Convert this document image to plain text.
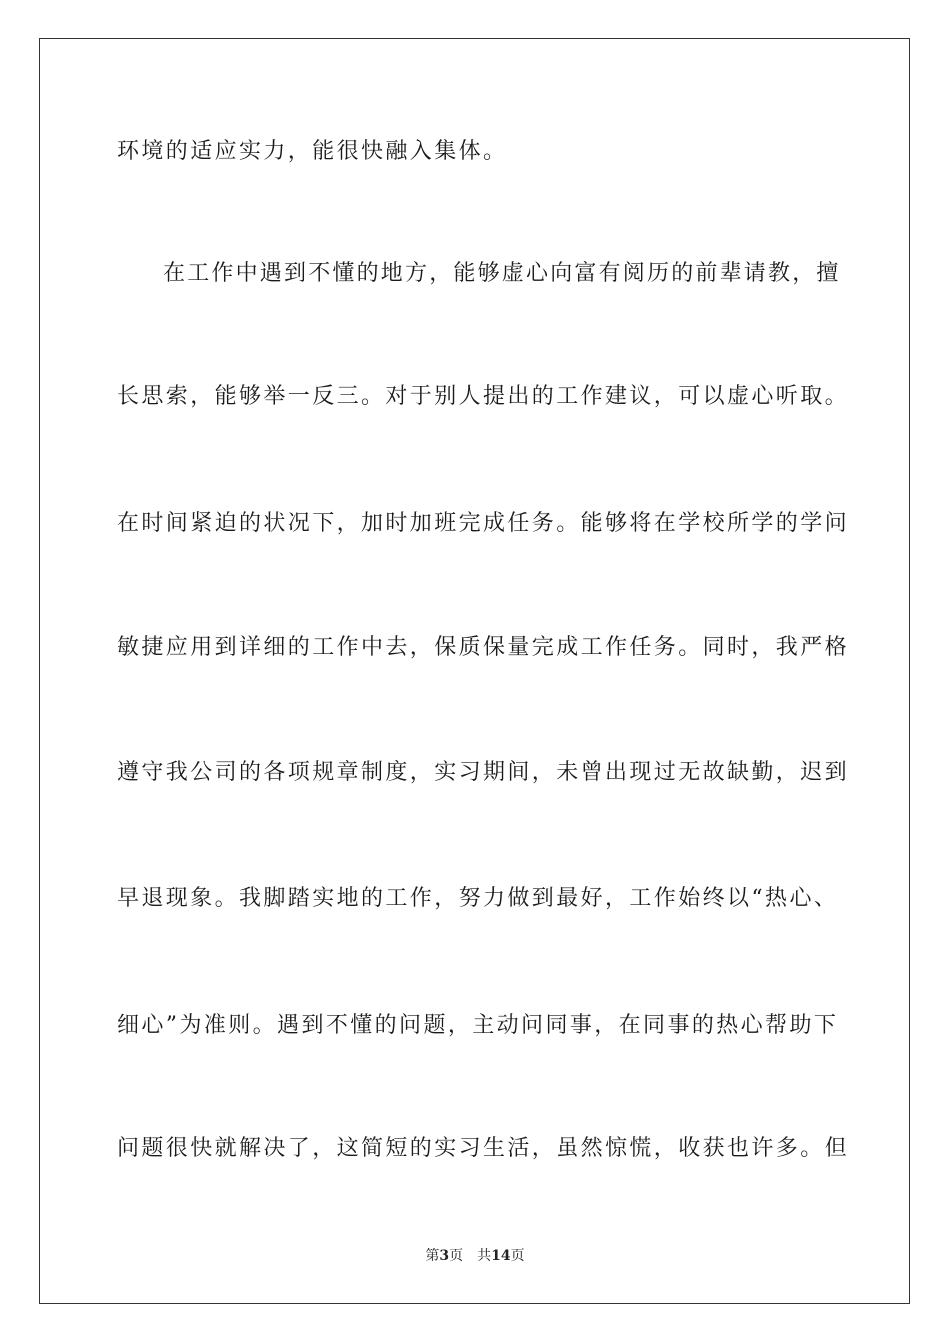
环境的适应实力，能很快融入集体。
在工作中遇到不懂的地方，能够虚心向富有阅历的前辈请教，擅
长思索，能够举一反三。对于别人提出的工作建议，可以虚心听取。
在时间紧迫的状况下，加时加班完成任务。能够将在学校所学的学问
敏捷应用到详细的工作中去，保质保量完成工作任务。同时，我严格
遵守我公司的各项规章制度，实习期间，未曾出现过无故缺勤，迟到
早退现象。我脚踏实地的工作，努力做到最好，工作始终以“热心、
细心”为准则。遇到不懂的问题，主动问同事，在同事的热心帮助下
问题很快就解决了，这简短的实习生活，虽然惊慌，收获也许多。但
第3页 共14页
